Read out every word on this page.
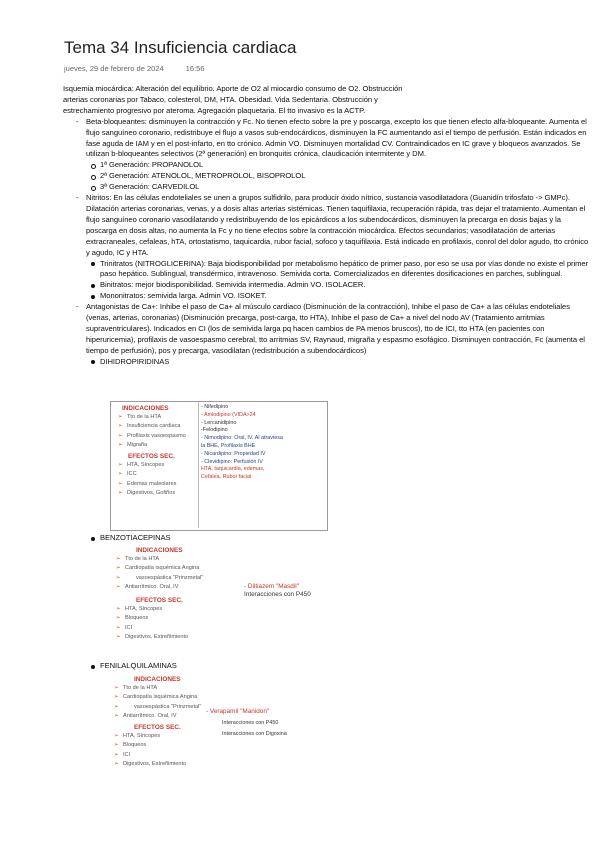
Tema 34 Insuficiencia cardiaca
jueves, 29 de febrero de 2024	16:56

Isquemia miocárdica: Alteración del equilibrio. Aporte de O2 al miocardio consumo de O2. Obstrucción arterias coronarias por Tabaco, colesterol, DM, HTA. Obesidad. Vida Sedentaria. Obstrucción y estrechamiento progresivo por ateroma. Agregación plaquetaria. El tto invasivo es la ACTP.

- Beta-bloqueantes: disminuyen la contracción y Fc. No tienen efecto sobre la pre y poscarga, excepto los que tienen efecto alfa-bloqueante. Aumenta el flujo sanguíneo coronario, redistribuye el flujo a vasos sub-endocárdicos, disminuyen la FC aumentando así el tiempo de perfusión. Están indicados en fase aguda de IAM y en el post-infarto, en tto crónico. Admin VO. Disminuyen mortalidad CV. Contraindicados en IC grave y bloqueos avanzados. Se utilizan b-bloqueantes selectivos (2ª generación) en bronquitis crónica, claudicación intermitente y DM.

1ª Generación: PROPANOLOL
2ª Generación: ATENOLOL, METROPROLOL, BISOPROLOL
3ª Generación: CARVEDILOL

- Nitritos: En las células endoteliales se unen a grupos sulfidrilo, para producir óxido nítrico, sustancia vasodilatadora (Guanidín trifosfato -> GMPc). Dilatación arterias coronarias, venas, y a dosis altas arterias sistémicas. Tienen taquifilaxia, recuperación rápida, tras dejar el tratamiento. Aumentan el flujo sanguíneo coronario vasodilatando y redistribuyendo de los epicárdicos a los subendocárdicos, disminuyen la precarga en dosis bajas y la poscarga en dosis altas, no aumenta la Fc y no tiene efectos sobre la contracción miocárdica. Efectos secundarios; vasodilatación de arterias extracraneales, cefaleas, hTA, ortostatismo, taquicardia, rubor facial, sofoco y taquifilaxia. Está indicado en profilaxis, conrol del dolor agudo, tto crónico y agudo, IC y HTA.

Trinitratos (NITROGLICERINA): Baja biodisponibilidad por metabolismo hepático de primer paso, por eso se usa por vías donde no existe el primer paso hepático. Sublingual, transdérmico, intravenoso. Semivida corta. Comercializados en diferentes dosificaciones en parches, sublingual.
Binitratos: mejor biodisponibilidad. Semivida intermedia. Admin VO. ISOLACER.
Mononitratos: semivida larga. Admin VO. ISOKET.

- Antagonistas de Ca+: Inhibe el paso de Ca+ al músculo cardiaco (Disminución de la contracción), Inhibe el paso de Ca+ a las células endoteliales (venas, arterias, coronarias) (Disminución precarga, post-carga, tto HTA), Inhibe el paso de Ca+ a nivel del nodo AV (Tratamiento arritmias supraventriculares). Indicados en CI (los de semivida larga pq hacen cambios de PA menos bruscos), tto de ICI, tto HTA (en pacientes con hiperuricemia), profilaxis de vasoespasmo cerebral, tto arritmias SV, Raynaud, migraña y espasmo esofágico. Disminuyen contracción, Fc (aumenta el tiempo de perfusión), pos y precarga, vasodilatan (redistribución a subendocárdicos)

DIHIDROPIRIDINAS
INDICACIONES
➢ Tto de la HTA
➢ Insuficiencia cardiaca
➢ Profilaxis vasoespasmo
➢ Migraña
EFECTOS SEC.
➢ HTA, Síncopes
➢ ICC
➢ Edemas maleolares
➢ Digestivos, Gofiños
- Nifedipino
- Amlodipino (VIDA>24
- Lercanidipino
-Felodipino
- Nimodipino: Oral, IV. Al atraviesa
la BHE, Profilaxis BHE
- Nicardipino: Propiedad IV
- Clevidipino: Perfusión IV
HTA, taquicardia, edemas,
Cefalea, Rubor facial
BENZOTIACEPINAS
INDICACIONES
➢ Tto de la HTA
➢ Cardiopatía isquémica Angina
➢ vasoespástica "Prinzmetal"
➢ Antiarrítmico. Oral, IV
EFECTOS SEC.
➢ HTA, Síncopes
➢ Bloqueos
➢ ICI
➢ Digestivos, Estreñimiento
- Diltiazem "Masdil"
Interacciones con P450
FENILALQUILAMINAS
INDICACIONES
➢ Tto de la HTA
➢ Cardiopatía isquémica Angina
➢ vasoespástica "Prinzmetal"
➢ Antiarrítmico. Oral, IV
EFECTOS SEC.
➢ HTA, Síncopes
➢ Bloqueos
➢ ICI
➢ Digestivos, Estreñimiento
- Verapamil "Manidon"
Interacciones con P450
Interacciones con Digoxina
